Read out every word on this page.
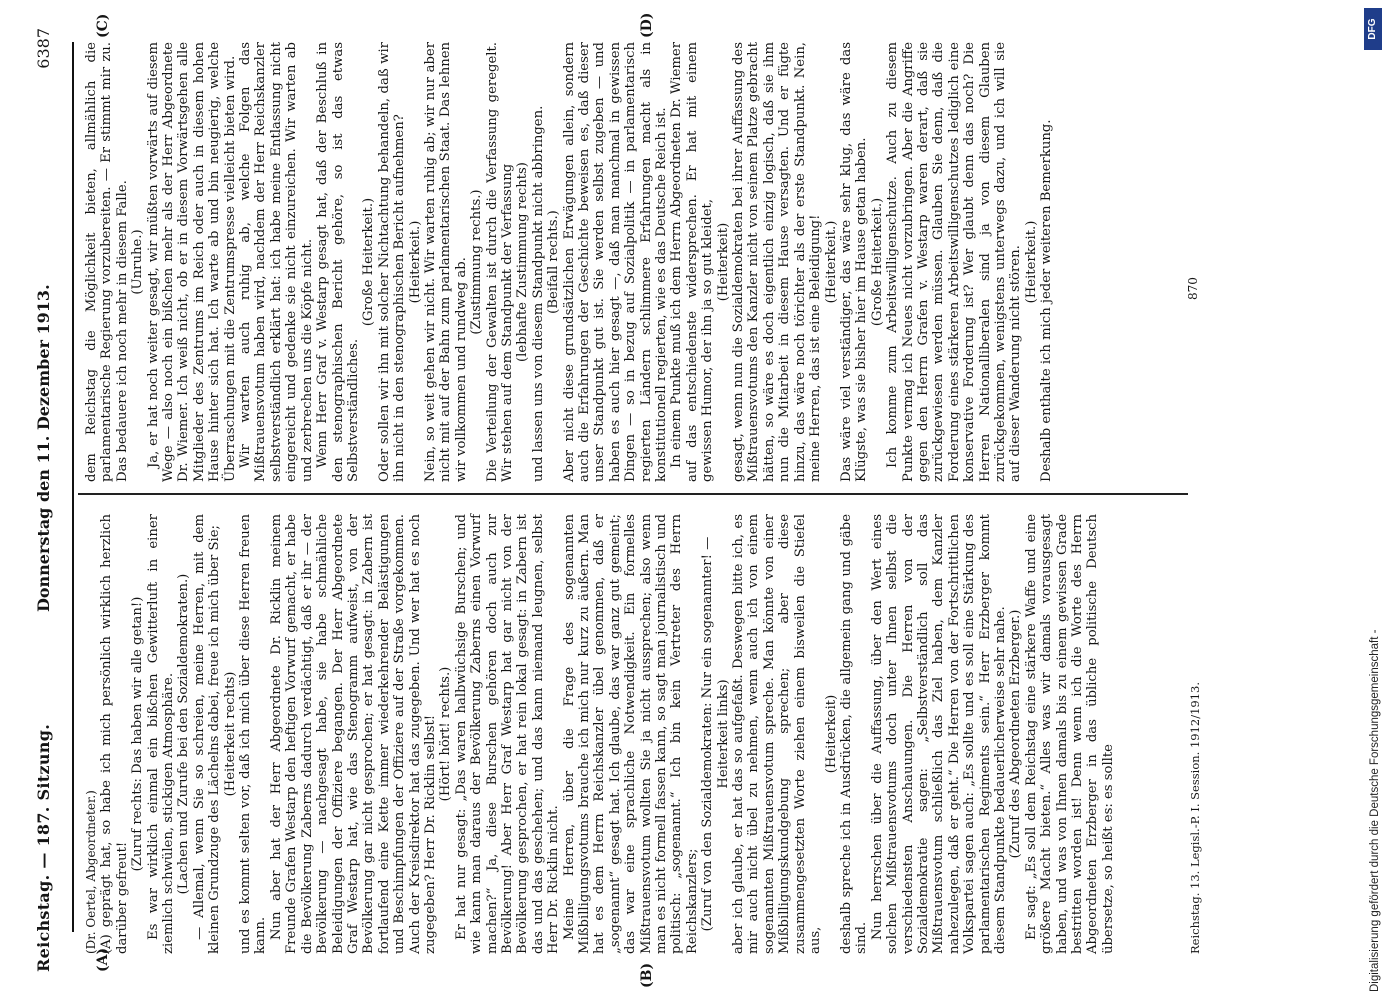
Reichstag. — 187. Sitzung.
Donnerstag den 11. Dezember 1913.
6387
(A)
(B)
(C)	(D)

(Dr. Oertel, Abgeordneter.) (A) geprägt hat, so habe ich mich persönlich wirklich herzlich darüber gefreut!

(Zuruf rechts: Das haben wir alle getan!) Es war wirklich einmal ein bißchen Gewitterluft in einer ziemlich schwülen, stickigen Atmosphäre. (Lachen und Zurufe bei den Sozialdemokraten.) — Allemal, wenn Sie so schreien, meine Herren, mit dem kleinen Grundzuge des Lächelns dabei, freue ich mich über Sie; (Heiterkeit rechts) und es kommt selten vor, daß ich mich über diese Herren freuen kann. Nun aber hat der Herr Abgeordnete Dr. Ricklin meinem Freunde Grafen Westarp den heftigen Vorwurf gemacht, er habe die Bevölkerung Zaberns dadurch verdächtigt, daß er ihr — der Bevölkerung — nachgesagt habe, sie habe schmähliche Beleidigungen der Offiziere begangen. Der Herr Abgeordnete Graf Westarp hat, wie das Stenogramm aufweist, von der Bevölkerung gar nicht gesprochen; er hat gesagt: in Zabern ist fortlaufend eine Kette immer wiederkehrender Belästigungen und Beschimpfungen der Offiziere auf der Straße vorgekommen. Auch der Kreisdirektor hat das zugegeben. Und wer hat es noch zugegeben? Herr Dr. Ricklin selbst! (Hört! hört! rechts.) Er hat nur gesagt: „Das waren halbwüchsige Burschen; und wie kann man daraus der Bevölkerung Zaberns einen Vorwurf machen?“ Ja, diese Burschen gehören doch auch zur Bevölkerung! Aber Herr Graf Westarp hat gar nicht von der Bevölkerung gesprochen, er hat rein lokal gesagt: in Zabern ist das und das geschehen; und das kann niemand leugnen, selbst Herr Dr. Ricklin nicht. Meine Herren, über die Frage des sogenannten Mißbilligungsvotums brauche ich mich nur kurz zu äußern. Man hat es dem Herrn Reichskanzler übel genommen, daß er „sogenannt“ gesagt hat. Ich glaube, das war ganz gut gemeint; das war eine sprachliche Notwendigkeit. Ein formelles Mißtrauensvotum wollten Sie ja nicht aussprechen; also wenn man es nicht formell fassen kann, so sagt man journalistisch und politisch: „sogenannt.“ Ich bin kein Vertreter des Herrn Reichskanzlers; (Zuruf von den Sozialdemokraten: Nur ein sogenannter! — Heiterkeit links) aber ich glaube, er hat das so aufgefaßt. Deswegen bitte ich, es mir auch nicht übel zu nehmen, wenn auch ich von einem sogenannten Mißtrauensvotum spreche. Man könnte von einer Mißbilligungskundgebung sprechen; aber diese zusammengesetzten Worte ziehen einem bisweilen die Stiefel aus,

(Heiterkeit) deshalb spreche ich in Ausdrücken, die allgemein gang und gäbe sind. Nun herrschen über die Auffassung, über den Wert eines solchen Mißtrauensvotums doch unter Ihnen selbst die verschiedensten Anschauungen. Die Herren von der Sozialdemokratie sagen: „Selbstverständlich soll das Mißtrauensvotum schließlich das Ziel haben, dem Kanzler nahezulegen, daß er geht.“ Die Herren von der Fortschrittlichen Volkspartei sagen auch: „Es sollte und es soll eine Stärkung des parlamentarischen Regiments sein.“ Herr Erzberger kommt diesem Standpunkte bedauerlicherweise sehr nahe. (Zuruf des Abgeordneten Erzberger.) Er sagt: „Es soll dem Reichstag eine stärkere Waffe und eine größere Macht bieten.“ Alles was wir damals vorausgesagt haben, und was von Ihnen damals bis zu einem gewissen Grade bestritten worden ist! Denn wenn ich die Worte des Herrn Abgeordneten Erzberger in das übliche politische Deutsch übersetze, so heißt es: es sollte

dem Reichstag die Möglichkeit bieten, allmählich die parlamentarische Regierung vorzubereiten. — Er stimmt mir zu. Das bedauere ich noch mehr in diesem Falle. (Unruhe.) Ja, er hat noch weiter gesagt, wir müßten vorwärts auf diesem Wege — also noch ein bißchen mehr als der Herr Abgeordnete Dr. Wiemer. Ich weiß nicht, ob er in diesem Vorwärtsgehen alle Mitglieder des Zentrums im Reich oder auch in diesem hohen Hause hinter sich hat. Ich warte ab und bin neugierig, welche Überraschungen mit die Zentrumspresse vielleicht bieten wird. Wir warten auch ruhig ab, welche Folgen das Mißtrauensvotum haben wird, nachdem der Herr Reichskanzler selbstverständlich erklärt hat: ich habe meine Entlassung nicht eingereicht und gedenke sie nicht einzureichen. Wir warten ab und zerbrechen uns die Köpfe nicht. Wenn Herr Graf v. Westarp gesagt hat, daß der Beschluß in den stenographischen Bericht gehöre, so ist das etwas Selbstverständliches.

(Große Heiterkeit.) Oder sollen wir ihn mit solcher Nichtachtung behandeln, daß wir ihn nicht in den stenographischen Bericht aufnehmen? (Heiterkeit.) Nein, so weit gehen wir nicht. Wir warten ruhig ab; wir nur aber nicht mit auf der Bahn zum parlamentarischen Staat. Das lehnen wir vollkommen und rundweg ab. (Zustimmung rechts.) Die Verteilung der Gewalten ist durch die Verfassung geregelt. Wir stehen auf dem Standpunkt der Verfassung (lebhafte Zustimmung rechts) und lassen uns von diesem Standpunkt nicht abbringen. (Beifall rechts.) Aber nicht diese grundsätzlichen Erwägungen allein, sondern auch die Erfahrungen der Geschichte beweisen es, daß dieser unser Standpunkt gut ist. Sie werden selbst zugeben — und haben es auch hier gesagt —, daß man manchmal in gewissen Dingen — so in bezug auf Sozialpolitik — in parlamentarisch regierten Ländern schlimmere Erfahrungen macht als in konstitutionell regierten, wie es das Deutsche Reich ist. In einem Punkte muß ich dem Herrn Abgeordneten Dr. Wiemer auf das entschiedenste widersprechen. Er hat mit einem gewissen Humor, der ihn ja so gut kleidet, (Heiterkeit) gesagt, wenn nun die Sozialdemokraten bei ihrer Auffassung des Mißtrauensvotums den Kanzler nicht von seinem Platze gebracht hätten, so wäre es doch eigentlich einzig logisch, daß sie ihm nun die Mitarbeit in diesem Hause versagten. Und er fügte hinzu, das wäre noch törichter als der erste Standpunkt. Nein, meine Herren, das ist eine Beleidigung! (Heiterkeit.) Das wäre viel verständiger, das wäre sehr klug, das wäre das Klügste, was sie bisher hier im Hause getan haben. (Große Heiterkeit.) Ich komme zum Arbeitswilligenschutze. Auch zu diesem Punkte vermag ich Neues nicht vorzubringen. Aber die Angriffe gegen den Herrn Grafen v. Westarp waren derart, daß sie zurückgewiesen werden müssen. Glauben Sie denn, daß die Forderung eines stärkeren Arbeitswilligenschutzes lediglich eine konservative Forderung ist? Wer glaubt denn das noch? Die Herren Nationalliberalen sind ja von diesem Glauben zurückgekommen, wenigstens unterwegs dazu, und ich will sie auf dieser Wanderung nicht stören. (Heiterkeit.) Deshalb enthalte ich mich jeder weiteren Bemerkung.

Reichstag. 13. Legisl.-P. I. Session. 1912/1913.
870
DFG
Digitalisierung gefördert durch die Deutsche Forschungsgemeinschaft -
